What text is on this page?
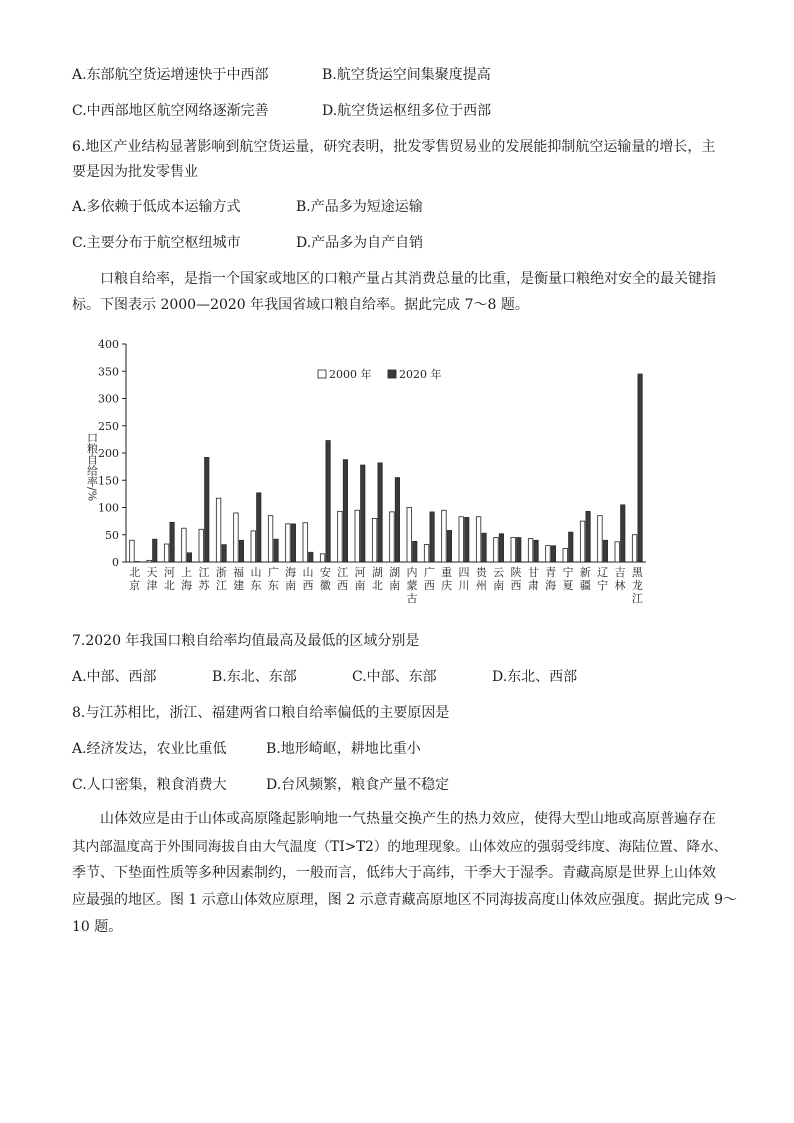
A.东部航空货运增速快于中西部	B.航空货运空间集聚度提高
C.中西部地区航空网络逐渐完善	D.航空货运枢纽多位于西部
6.地区产业结构显著影响到航空货运量，研究表明，批发零售贸易业的发展能抑制航空运输量的增长，主
要是因为批发零售业
A.多依赖于低成本运输方式	B.产品多为短途运输
C.主要分布于航空枢纽城市	D.产品多为自产自销
口粮自给率，是指一个国家或地区的口粮产量占其消费总量的比重，是衡量口粮绝对安全的最关键指
标。下图表示 2000—2020 年我国省域口粮自给率。据此完成 7～8 题。
0
50
100
150
200
250
300
350
400
口粮自给率/%
北
京
天
津
河
北
上
海
江
苏
浙
江
福
建
山
东
广
东
海
南
山
西
安
徽
江
西
河
南
湖
北
湖
南
内
蒙
古
广
西
重
庆
四
川
贵
州
云
南
陕
西
甘
肃
青
海
宁
夏
新
疆
辽
宁
吉
林
黑
龙
江
2000 年	2020 年
7.2020 年我国口粮自给率均值最高及最低的区域分别是
A.中部、西部	B.东北、东部	C.中部、东部	D.东北、西部
8.与江苏相比，浙江、福建两省口粮自给率偏低的主要原因是
A.经济发达，农业比重低	B.地形崎岖，耕地比重小
C.人口密集，粮食消费大	D.台风频繁，粮食产量不稳定
山体效应是由于山体或高原隆起影响地一气热量交换产生的热力效应，使得大型山地或高原普遍存在
其内部温度高于外围同海拔自由大气温度（TI>T2）的地理现象。山体效应的强弱受纬度、海陆位置、降水、
季节、下垫面性质等多种因素制约，一般而言，低纬大于高纬，干季大于湿季。青藏高原是世界上山体效
应最强的地区。图 1 示意山体效应原理，图 2 示意青藏高原地区不同海拔高度山体效应强度。据此完成 9～
10 题。
